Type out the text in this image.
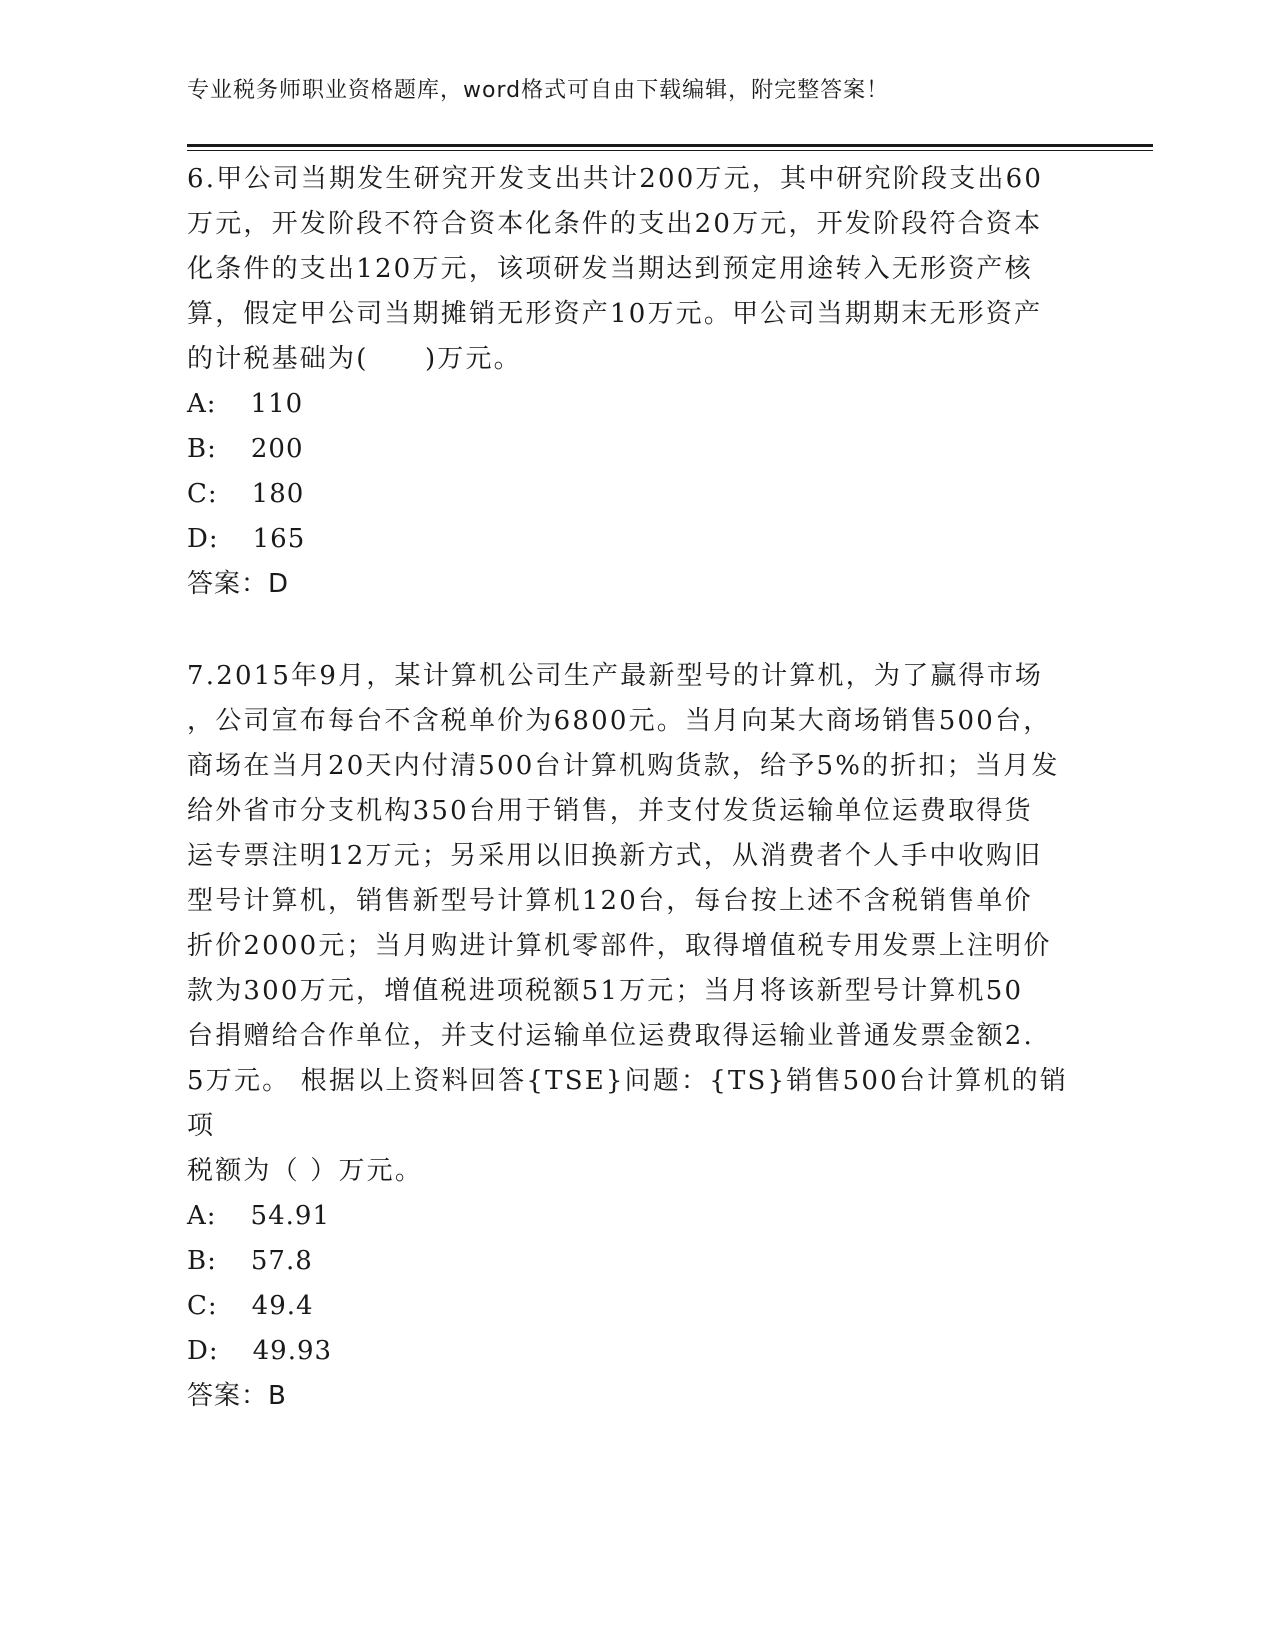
专业税务师职业资格题库，word格式可自由下载编辑，附完整答案！

6.甲公司当期发生研究开发支出共计200万元，其中研究阶段支出60
万元，开发阶段不符合资本化条件的支出20万元，开发阶段符合资本
化条件的支出120万元，该项研发当期达到预定用途转入无形资产核
算，假定甲公司当期摊销无形资产10万元。甲公司当期期末无形资产
的计税基础为(　　)万元。

A: 110
B: 200
C: 180
D: 165
答案：D

7.2015年9月，某计算机公司生产最新型号的计算机，为了赢得市场
，公司宣布每台不含税单价为6800元。当月向某大商场销售500台，
商场在当月20天内付清500台计算机购货款，给予5%的折扣；当月发
给外省市分支机构350台用于销售，并支付发货运输单位运费取得货
运专票注明12万元；另采用以旧换新方式，从消费者个人手中收购旧
型号计算机，销售新型号计算机120台，每台按上述不含税销售单价
折价2000元；当月购进计算机零部件，取得增值税专用发票上注明价
款为300万元，增值税进项税额51万元；当月将该新型号计算机50
台捐赠给合作单位，并支付运输单位运费取得运输业普通发票金额2.
5万元。 根据以上资料回答{TSE}问题：{TS}销售500台计算机的销项
税额为（ ）万元。

A: 54.91
B: 57.8
C: 49.4
D: 49.93
答案：B
